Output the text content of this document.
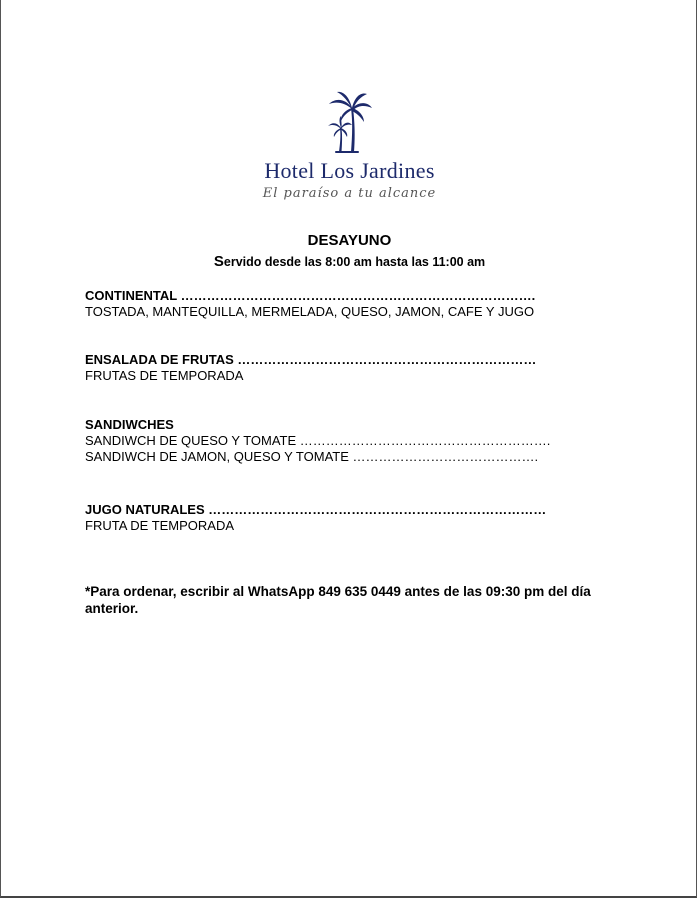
Hotel Los Jardines
El paraíso a tu alcance
DESAYUNO
Servido desde las 8:00 am hasta las 11:00 am
CONTINENTAL ……………………………………………………………………….
TOSTADA, MANTEQUILLA, MERMELADA, QUESO, JAMON, CAFE Y JUGO
ENSALADA DE FRUTAS ……………………………………………………………
FRUTAS DE TEMPORADA
SANDIWCHES
SANDIWCH DE QUESO Y TOMATE ………………………………………………….
SANDIWCH DE JAMON, QUESO Y TOMATE …………………………………….
JUGO NATURALES ……………………………………………………………………
FRUTA DE TEMPORADA
*Para ordenar, escribir al WhatsApp 849 635 0449 antes de las 09:30 pm del día anterior.
